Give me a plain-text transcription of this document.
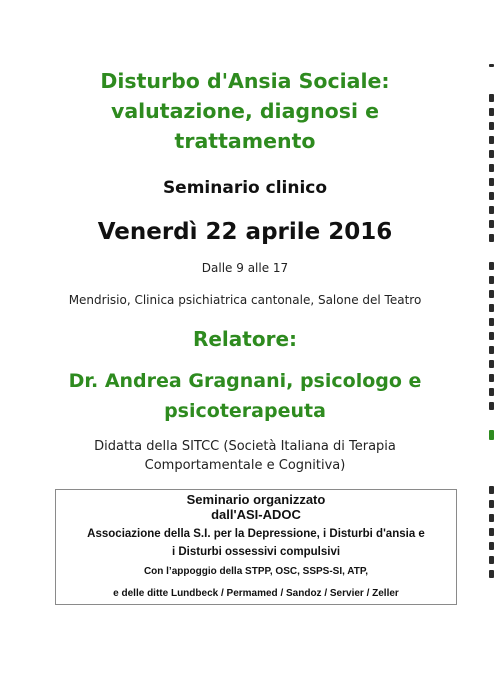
Disturbo d'Ansia Sociale:
valutazione, diagnosi e
trattamento
Seminario clinico
Venerdì 22 aprile 2016
Dalle 9 alle 17
Mendrisio, Clinica psichiatrica cantonale, Salone del Teatro
Relatore:
Dr. Andrea Gragnani, psicologo e
psicoterapeuta
Didatta della SITCC (Società Italiana di Terapia
Comportamentale e Cognitiva)
Seminario organizzato
dall'ASI-ADOC
Associazione della S.I. per la Depressione, i Disturbi d'ansia e
i Disturbi ossessivi compulsivi
Con l’appoggio della STPP, OSC, SSPS-SI, ATP,
e delle ditte Lundbeck / Permamed / Sandoz / Servier / Zeller
